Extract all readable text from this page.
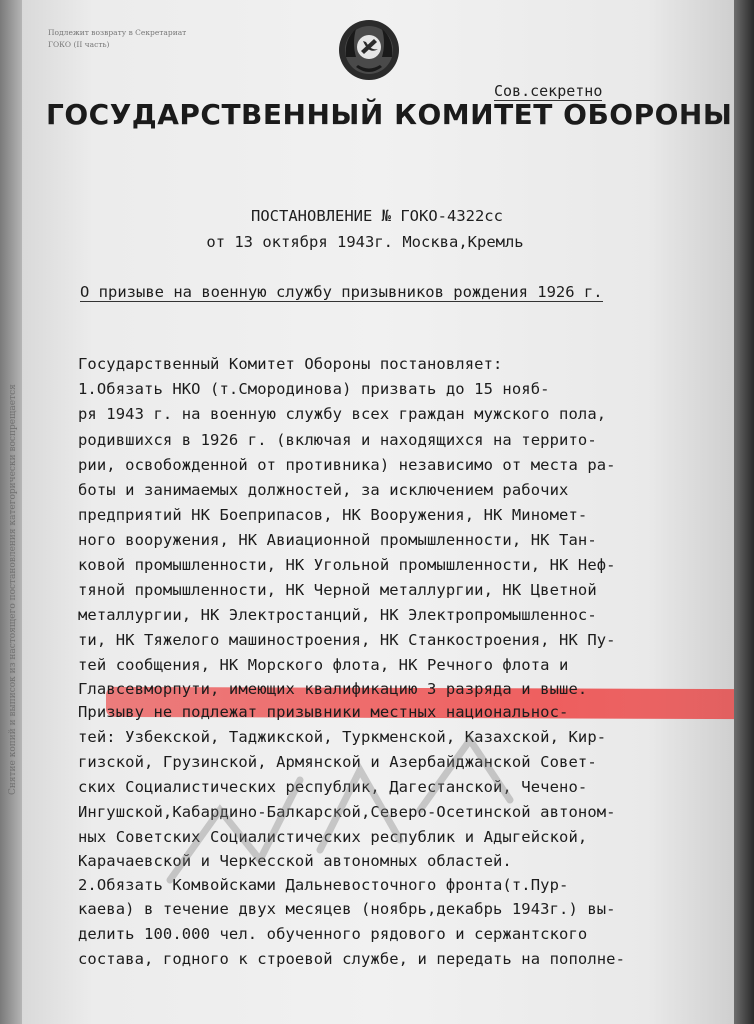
Подлежит возврату в Секретариат
ГОКО (II часть)
Сов.секретно
ГОСУДАРСТВЕННЫЙ КОМИТЕТ ОБОРОНЫ
ПОСТАНОВЛЕНИЕ № ГОКО-4322сс
от 13 октября 1943г. Москва,Кремль
О призыве на военную службу призывников рождения 1926 г.
Снятие копий и выписок из настоящего постановления категорически воспрещается
Государственный Комитет Обороны постановляет:
1.Обязать НКО (т.Смородинова) призвать до 15 нояб-
ря 1943 г. на военную службу всех граждан мужского пола,
родившихся в 1926 г. (включая и находящихся на террито-
рии, освобожденной от противника) независимо от места ра-
боты и занимаемых должностей, за исключением рабочих
предприятий НК Боеприпасов, НК Вооружения, НК Миномет-
ного вооружения, НК Авиационной промышленности, НК Тан-
ковой промышленности, НК Угольной промышленности, НК Неф-
тяной промышленности, НК Черной металлургии, НК Цветной
металлургии, НК Электростанций, НК Электропромышленнос-
ти, НК Тяжелого машиностроения, НК Станкостроения, НК Пу-
тей сообщения, НК Морского флота, НК Речного флота и
Главсевморпути, имеющих квалификацию 3 разряда и выше.
Призыву не подлежат призывники местных национальнос-
тей: Узбекской, Таджикской, Туркменской, Казахской, Кир-
гизской, Грузинской, Армянской и Азербайджанской Совет-
ских Социалистических республик, Дагестанской, Чечено-
Ингушской,Кабардино-Балкарской,Северо-Осетинской автоном-
ных Советских Социалистических республик и Адыгейской,
Карачаевской и Черкесской автономных областей.
2.Обязать Комвойсками Дальневосточного фронта(т.Пур-
каева) в течение двух месяцев (ноябрь,декабрь 1943г.) вы-
делить 100.000 чел. обученного рядового и сержантского
состава, годного к строевой службе, и передать на пополне-
